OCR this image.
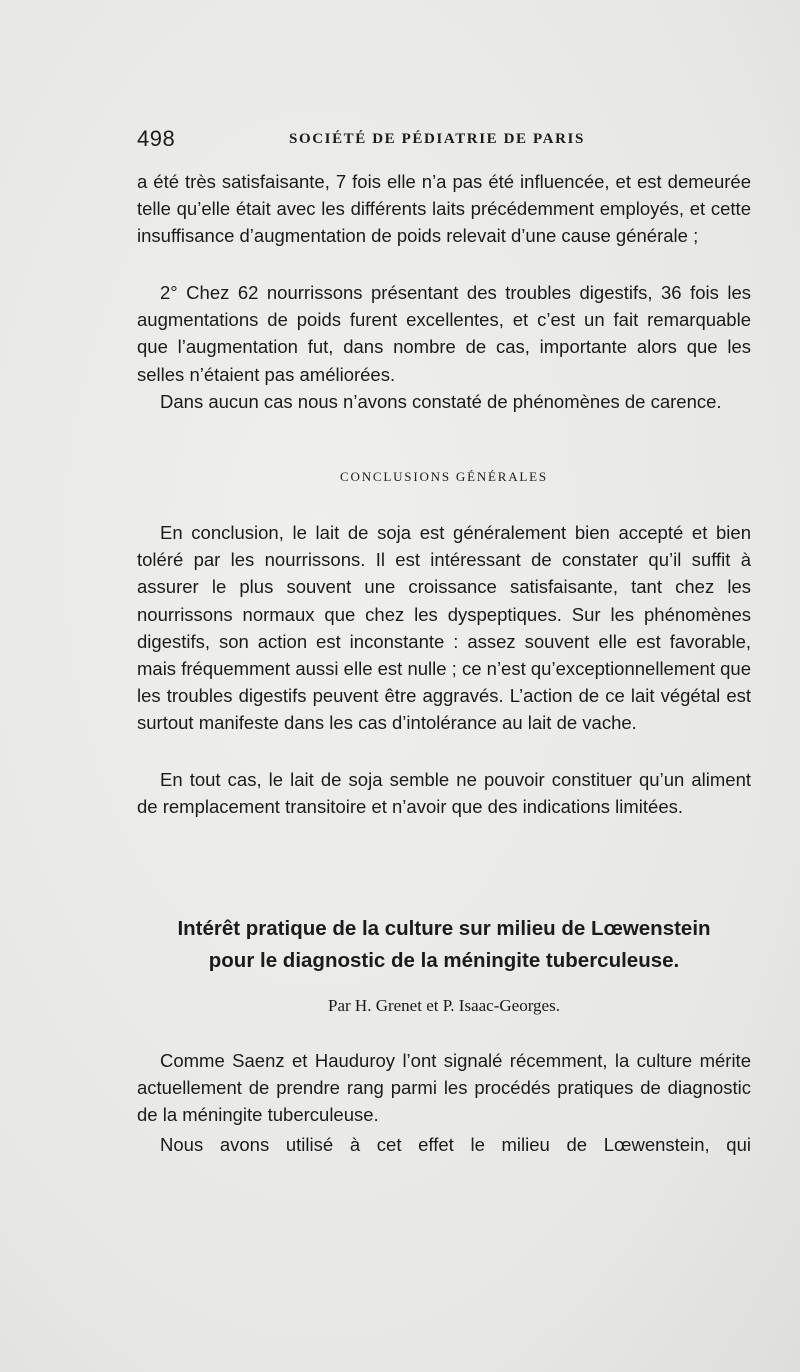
498	SOCIÉTÉ DE PÉDIATRIE DE PARIS

a été très satisfaisante, 7 fois elle n’a pas été influencée, et est demeurée telle qu’elle était avec les différents laits précédemment employés, et cette insuffisance d’augmentation de poids relevait d’une cause générale ;

2° Chez 62 nourrissons présentant des troubles digestifs, 36 fois les augmentations de poids furent excellentes, et c’est un fait remarquable que l’augmentation fut, dans nombre de cas, importante alors que les selles n’étaient pas améliorées.

Dans aucun cas nous n’avons constaté de phénomènes de carence.

CONCLUSIONS GÉNÉRALES

En conclusion, le lait de soja est généralement bien accepté et bien toléré par les nourrissons. Il est intéressant de constater qu’il suffit à assurer le plus souvent une croissance satisfaisante, tant chez les nourrissons normaux que chez les dyspeptiques. Sur les phénomènes digestifs, son action est inconstante : assez souvent elle est favorable, mais fréquemment aussi elle est nulle ; ce n’est qu’exceptionnellement que les troubles digestifs peuvent être aggravés. L’action de ce lait végétal est surtout manifeste dans les cas d’intolérance au lait de vache.

En tout cas, le lait de soja semble ne pouvoir constituer qu’un aliment de remplacement transitoire et n’avoir que des indications limitées.

Intérêt pratique de la culture sur milieu de Lœwenstein
pour le diagnostic de la méningite tuberculeuse.
Par H. Grenet et P. Isaac-Georges.

Comme Saenz et Hauduroy l’ont signalé récemment, la culture mérite actuellement de prendre rang parmi les procédés pratiques de diagnostic de la méningite tuberculeuse.

Nous avons utilisé à cet effet le milieu de Lœwenstein, qui
